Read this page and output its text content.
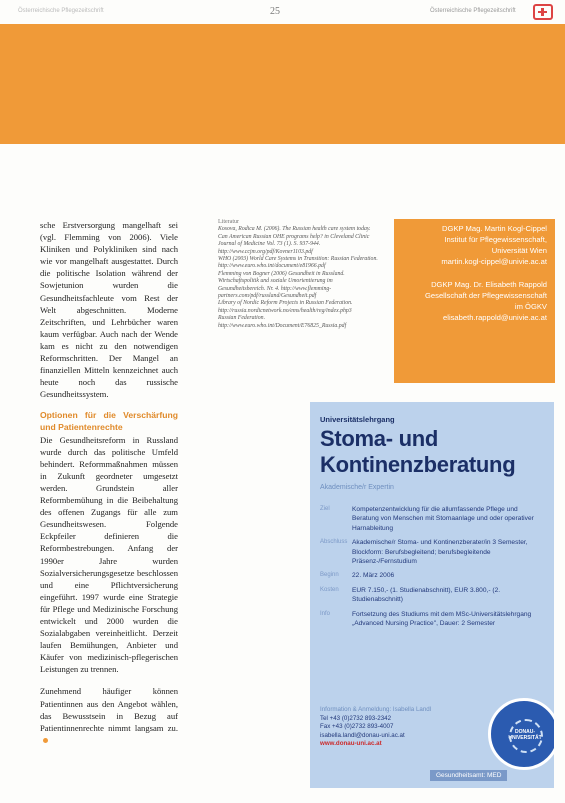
Österreichische Pflegezeitschrift	25	Österreichische Pflegezeitschrift

sche Erstversorgung mangelhaft sei (vgl. Flemming von 2006). Viele Kliniken und Polykliniken sind nach wie vor mangelhaft ausgestattet. Durch die politische Isolation während der Sowjetunion wurden die Gesundheitsfachleute vom Rest der Welt abgeschnitten. Moderne Zeitschriften, und Lehrbücher waren kaum verfügbar. Auch nach der Wende kam es nicht zu den notwendigen Reformschritten. Der Mangel an finanziellen Mitteln kennzeichnet auch heute noch das russische Gesundheitssystem.

Optionen für die Verschärfung und Patientenrechte

Die Gesundheitsreform in Russland wurde durch das politische Umfeld behindert. Reformmaßnahmen müssen in Zukunft geordneter umgesetzt werden. Grundstein aller Reformbemühung in die Beibehaltung des offenen Zugangs für alle zum Gesundheitswesen. Folgende Eckpfeiler definieren die Reformbestrebungen. Anfang der 1990er Jahre wurden Sozialversicherungsgesetze beschlossen und eine Pflichtversicherung eingeführt. 1997 wurde eine Strategie für Pflege und Medizinische Forschung entwickelt und 2000 wurden die Sozialabgaben vereinheitlicht. Derzeit laufen Bemühungen, Anbieter und Käufer von medizinisch-pflegerischen Leistungen zu trennen.

Zunehmend häufiger können Patientinnen aus den Angebot wählen, das Bewusstsein in Bezug auf Patientinnenrechte nimmt langsam zu.

Literatur

Kosova, Rodica M. (2006). The Russian health care system today. Can American Russian OHE programs help? in Cleveland Clinic Journal of Medicine Vol. 73 (1). S. 937-944. http://www.ccjm.org/pdf/Kovner1103.pdf

WHO (2003) World Care Systems in Transition: Russian Federation. http://www.euro.who.int/document/e81966.pdf

Flemming von Bogner (2006) Gesundheit in Russland. Wirtschaftspolitik und soziale Umorientierung im Gesundheitsbereich. Nr. 4. http://www.flemming-partners.com/pdf/russland/Gesundheit.pdf

Library of Nordic Reform Projects in Russian Federation. http://russia.nordicnetwork.no/ems/health/reg/index.php3

Russian Federation. http://www.euro.who.int/Document/E76825_Russia.pdf

DGKP Mag. Martin Kogl-Cippel
Institut für Pflegewissenschaft,
Universität Wien
martin.kogl-cippel@univie.ac.at
DGKP Mag. Dr. Elisabeth Rappold
Gesellschaft der Pflegewissenschaft
im ÖGKV
elisabeth.rappold@univie.ac.at
Universitätslehrgang
Stoma- und
Kontinenzberatung
Akademische/r Expertin
Ziel	Kompetenzentwicklung für die allumfassende Pflege und Beratung von Menschen mit Stomaanlage und oder operativer Harnableitung
Abschluss Akademische/r Stoma- und Kontinenzberater/in 3 Semester, Blockform: Berufsbegleitend; berufsbegleitende Präsenz-/Fernstudium
Beginn	22. März 2006
Kosten	EUR 7.150,- (1. Studienabschnitt), EUR 3.800,- (2. Studienabschnitt)
Info	Fortsetzung des Studiums mit dem MSc-Universitätslehrgang „Advanced Nursing Practice", Dauer: 2 Semester
Information & Anmeldung: Isabella Landl
Tel +43 (0)2732 893-2342
Fax +43 (0)2732 893-4007
isabella.landl@donau-uni.ac.at
www.donau-uni.ac.at
DONAU-UNIVERSITÄT
Gesundheitsamt: MED
